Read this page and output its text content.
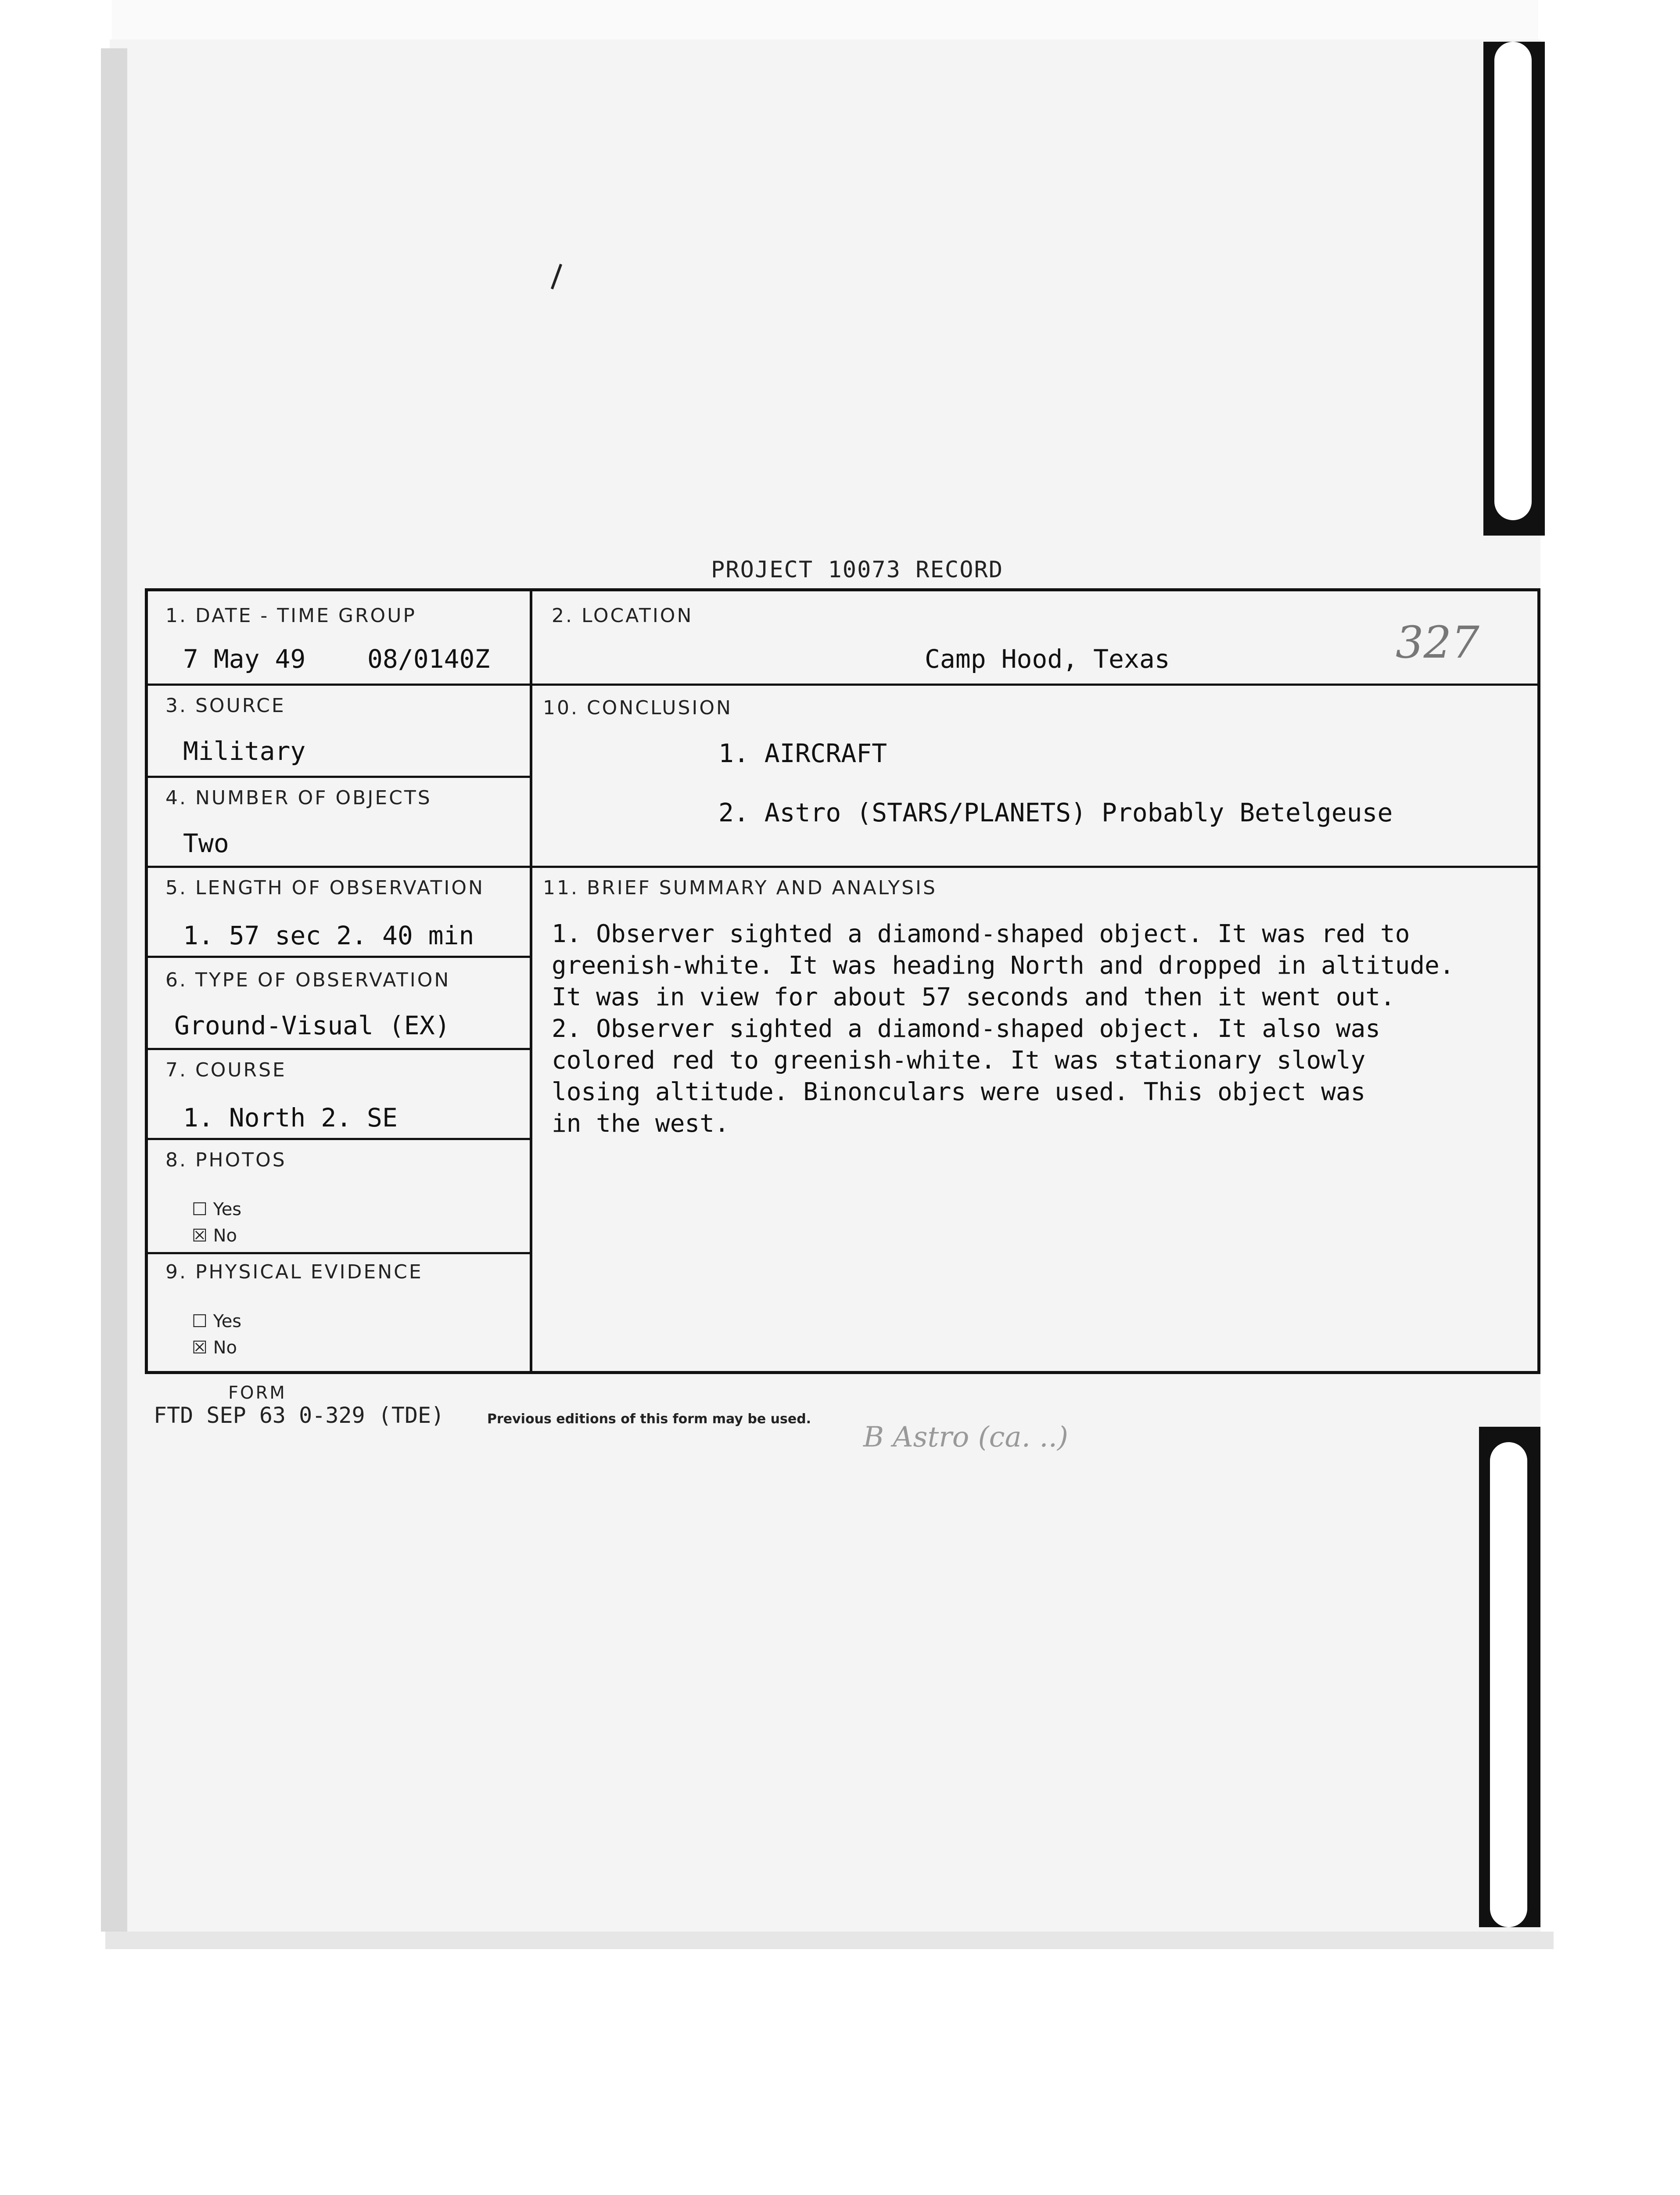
PROJECT 10073 RECORD
327
1. DATE - TIME GROUP
7 May 49 08/0140Z
2. LOCATION
Camp Hood, Texas
3. SOURCE
Military
4. NUMBER OF OBJECTS
Two
10. CONCLUSION
1. AIRCRAFT
2. Astro (STARS/PLANETS) Probably Betelgeuse
B Astro (ca. ..)
5. LENGTH OF OBSERVATION
1. 57 sec 2. 40 min
11. BRIEF SUMMARY AND ANALYSIS
1. Observer sighted a diamond-shaped object. It was red to
greenish-white. It was heading North and dropped in altitude.
It was in view for about 57 seconds and then it went out.
2. Observer sighted a diamond-shaped object. It also was
colored red to greenish-white. It was stationary slowly
losing altitude. Binonculars were used. This object was
in the west.
6. TYPE OF OBSERVATION
Ground-Visual (EX)
7. COURSE
1. North 2. SE
8. PHOTOS
☐ Yes
☒ No
9. PHYSICAL EVIDENCE
☐ Yes
☒ No
FORM
FTD SEP 63 0-329 (TDE)	Previous editions of this form may be used.
